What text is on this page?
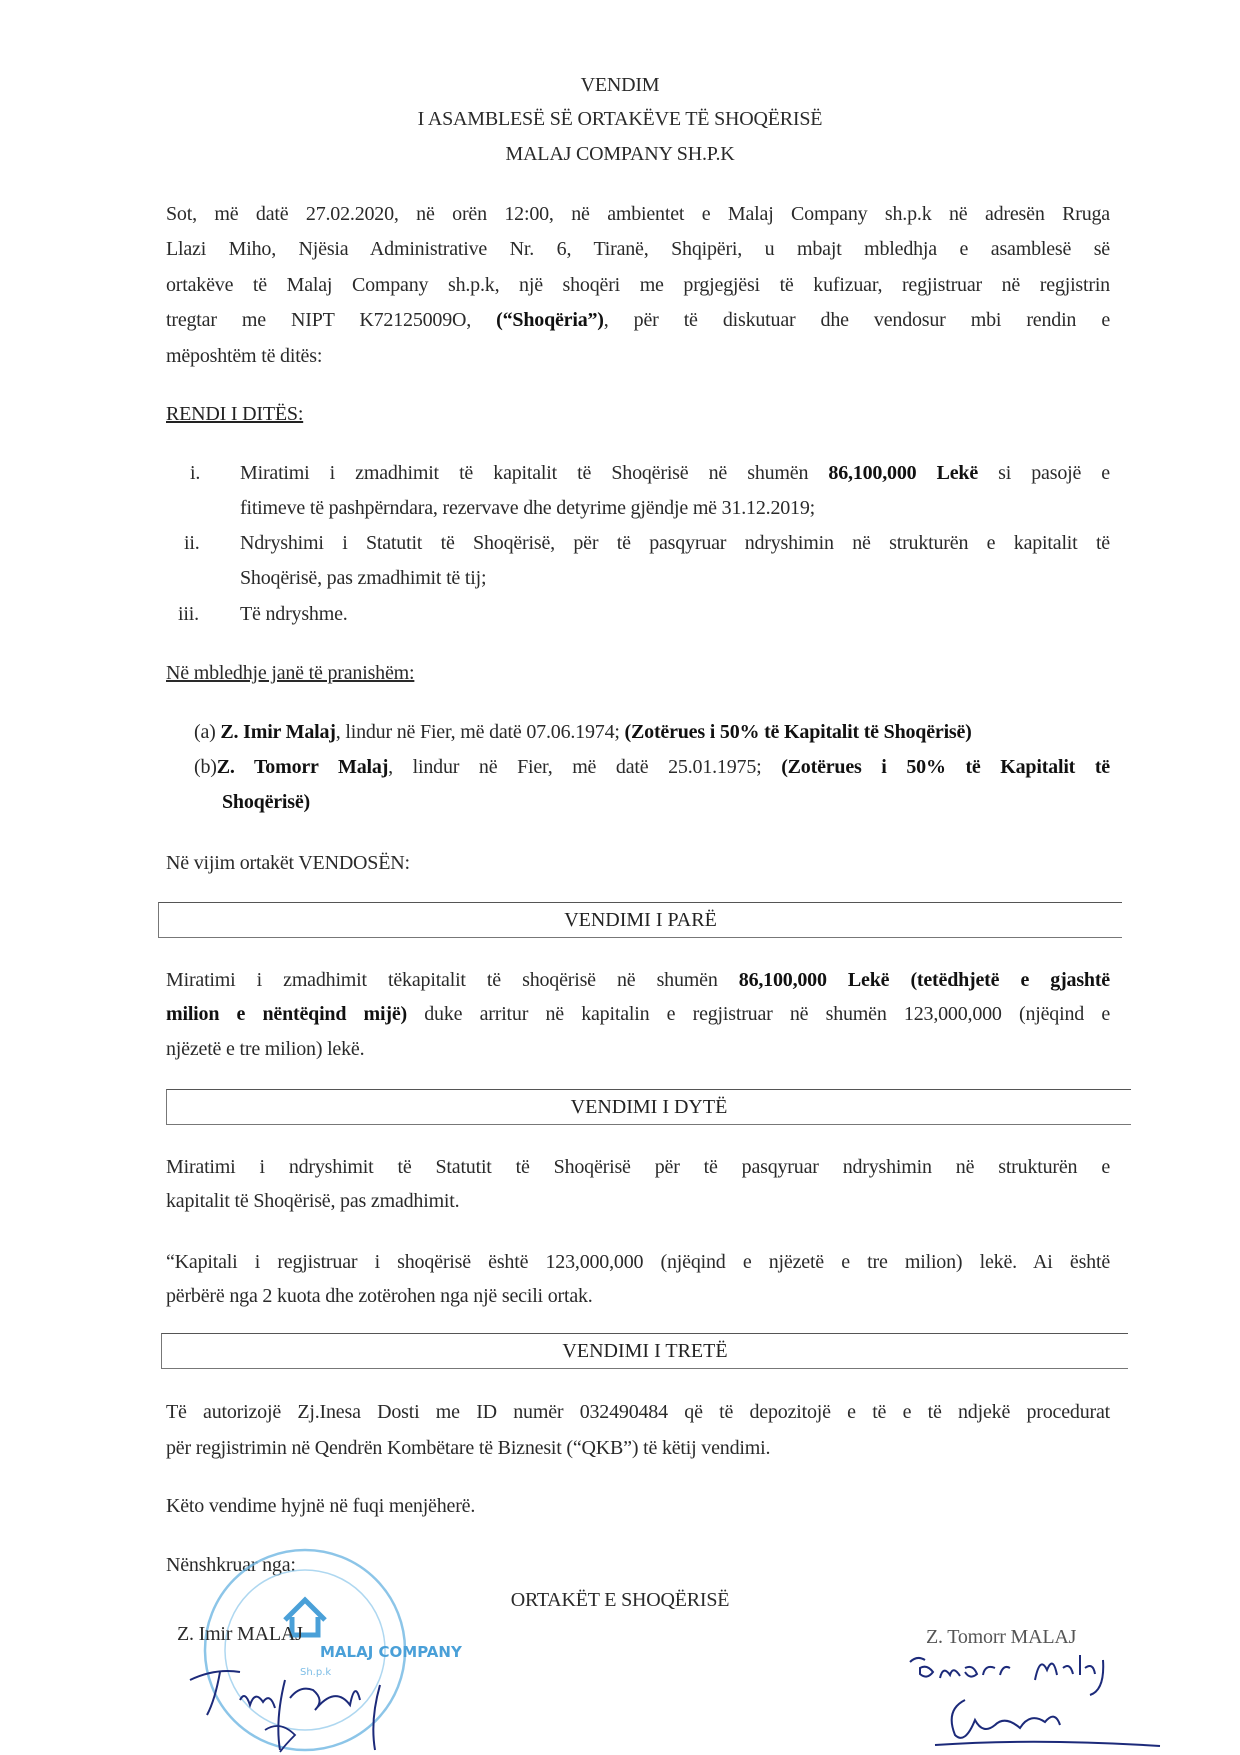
VENDIM
I ASAMBLESË SË ORTAKËVE TË SHOQËRISË
MALAJ COMPANY SH.P.K
Sot, më datë 27.02.2020, në orën 12:00, në ambientet e Malaj Company sh.p.k në adresën Rruga
Llazi Miho, Njësia Administrative Nr. 6, Tiranë, Shqipëri, u mbajt mbledhja e asamblesë së
ortakëve të Malaj Company sh.p.k, një shoqëri me prgjegjësi të kufizuar, regjistruar në regjistrin
tregtar me NIPT K72125009O, (“Shoqëria”), për të diskutuar dhe vendosur mbi rendin e
mëposhtëm të ditës:
RENDI I DITËS:
i. Miratimi i zmadhimit të kapitalit të Shoqërisë në shumën 86,100,000 Lekë si pasojë e
fitimeve të pashpërndara, rezervave dhe detyrime gjëndje më 31.12.2019;
ii. Ndryshimi i Statutit të Shoqërisë, për të pasqyruar ndryshimin në strukturën e kapitalit të
Shoqërisë, pas zmadhimit të tij;
iii. Të ndryshme.
Në mbledhje janë të pranishëm:
(a) Z. Imir Malaj, lindur në Fier, më datë 07.06.1974; (Zotërues i 50% të Kapitalit të Shoqërisë)
(b)Z. Tomorr Malaj, lindur në Fier, më datë 25.01.1975; (Zotërues i 50% të Kapitalit të
Shoqërisë)
Në vijim ortakët VENDOSËN:
VENDIMI I PARË
Miratimi i zmadhimit tëkapitalit të shoqërisë në shumën 86,100,000 Lekë (tetëdhjetë e gjashtë
milion e nëntëqind mijë) duke arritur në kapitalin e regjistruar në shumën 123,000,000 (njëqind e
njëzetë e tre milion) lekë.
VENDIMI I DYTË
Miratimi i ndryshimit të Statutit të Shoqërisë për të pasqyruar ndryshimin në strukturën e
kapitalit të Shoqërisë, pas zmadhimit.
“Kapitali i regjistruar i shoqërisë është 123,000,000 (njëqind e njëzetë e tre milion) lekë. Ai është
përbërë nga 2 kuota dhe zotërohen nga një secili ortak.
VENDIMI I TRETË
Të autorizojë Zj.Inesa Dosti me ID numër 032490484 që të depozitojë e të e të ndjekë procedurat
për regjistrimin në Qendrën Kombëtare të Biznesit (“QKB”) të këtij vendimi.
Këto vendime hyjnë në fuqi menjëherë.
Nënshkruar nga:
ORTAKËT E SHOQËRISË
MALAJ COMPANY
Sh.p.k
Z. Imir MALAJ	Z. Tomorr MALAJ
